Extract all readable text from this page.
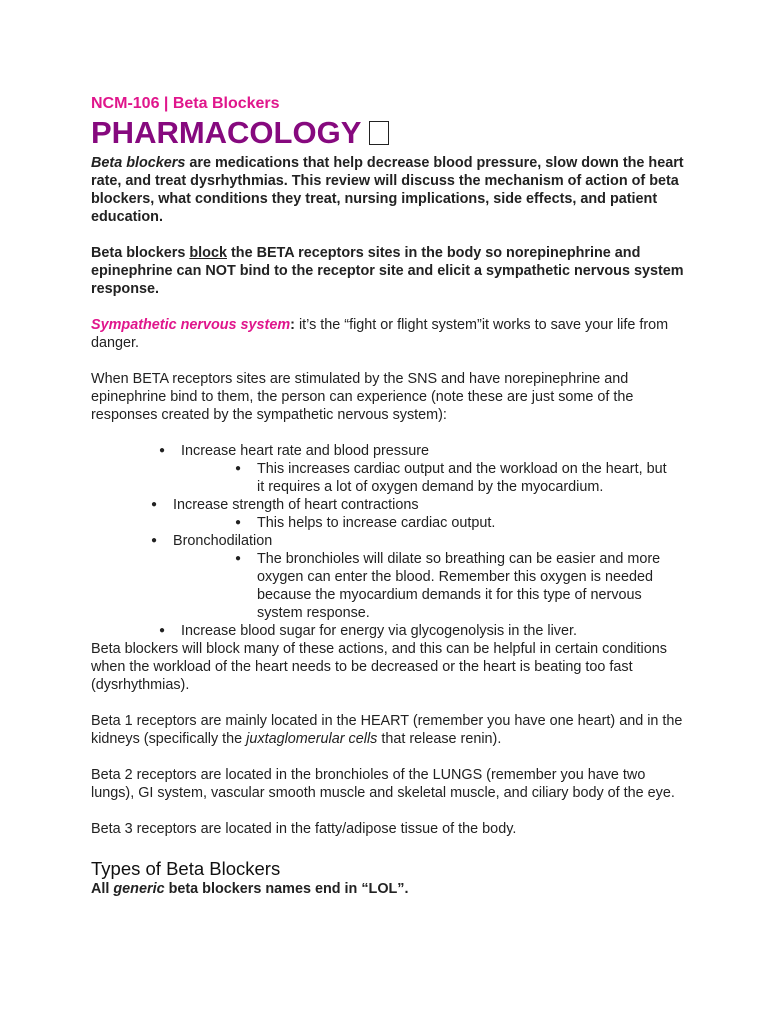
NCM-106 | Beta Blockers

PHARMACOLOGY

Beta blockers are medications that help decrease blood pressure, slow down the heart rate, and treat dysrhythmias. This review will discuss the mechanism of action of beta blockers, what conditions they treat, nursing implications, side effects, and patient education.

Beta blockers block the BETA receptors sites in the body so norepinephrine and epinephrine can NOT bind to the receptor site and elicit a sympathetic nervous system response.

Sympathetic nervous system: it’s the “fight or flight system”it works to save your life from danger.

When BETA receptors sites are stimulated by the SNS and have norepinephrine and epinephrine bind to them, the person can experience (note these are just some of the responses created by the sympathetic nervous system):

● Increase heart rate and blood pressure
● This increases cardiac output and the workload on the heart, but it requires a lot of oxygen demand by the myocardium.
● Increase strength of heart contractions
● This helps to increase cardiac output.
● Bronchodilation
● The bronchioles will dilate so breathing can be easier and more oxygen can enter the blood. Remember this oxygen is needed because the myocardium demands it for this type of nervous system response.
● Increase blood sugar for energy via glycogenolysis in the liver.

Beta blockers will block many of these actions, and this can be helpful in certain conditions when the workload of the heart needs to be decreased or the heart is beating too fast (dysrhythmias).

Beta 1 receptors are mainly located in the HEART (remember you have one heart) and in the kidneys (specifically the juxtaglomerular cells that release renin).

Beta 2 receptors are located in the bronchioles of the LUNGS (remember you have two lungs), GI system, vascular smooth muscle and skeletal muscle, and ciliary body of the eye.

Beta 3 receptors are located in the fatty/adipose tissue of the body.

Types of Beta Blockers

All generic beta blockers names end in “LOL”.
